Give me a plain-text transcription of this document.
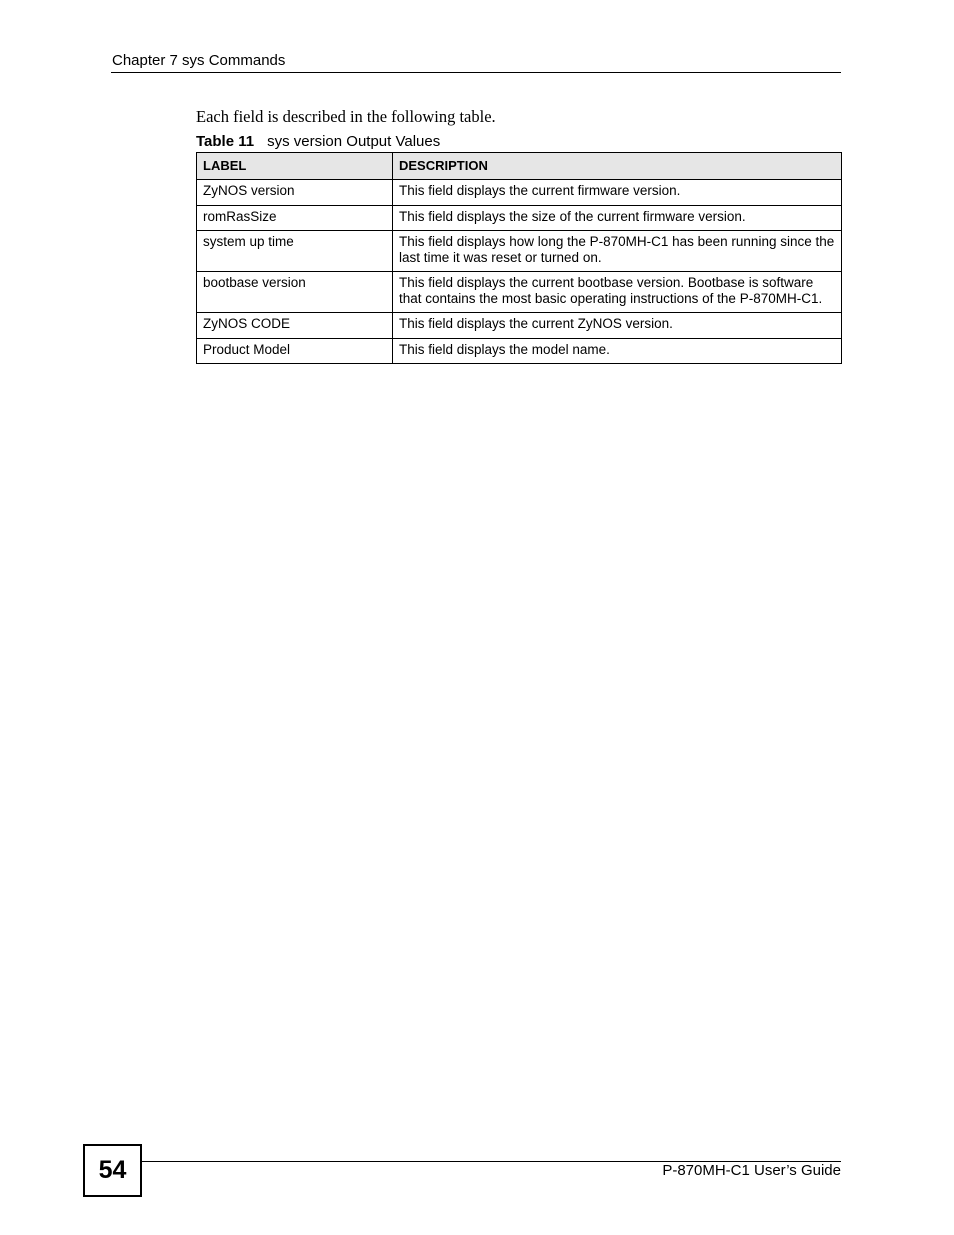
Chapter 7 sys Commands
Each field is described in the following table.
Table 11 sys version Output Values
LABEL	DESCRIPTION
ZyNOS version	This field displays the current firmware version.
romRasSize	This field displays the size of the current firmware version.
system up time	This field displays how long the P-870MH-C1 has been running since the last time it was reset or turned on.
bootbase version	This field displays the current bootbase version. Bootbase is software that contains the most basic operating instructions of the P-870MH-C1.
ZyNOS CODE	This field displays the current ZyNOS version.
Product Model	This field displays the model name.
54	P-870MH-C1 User’s Guide
